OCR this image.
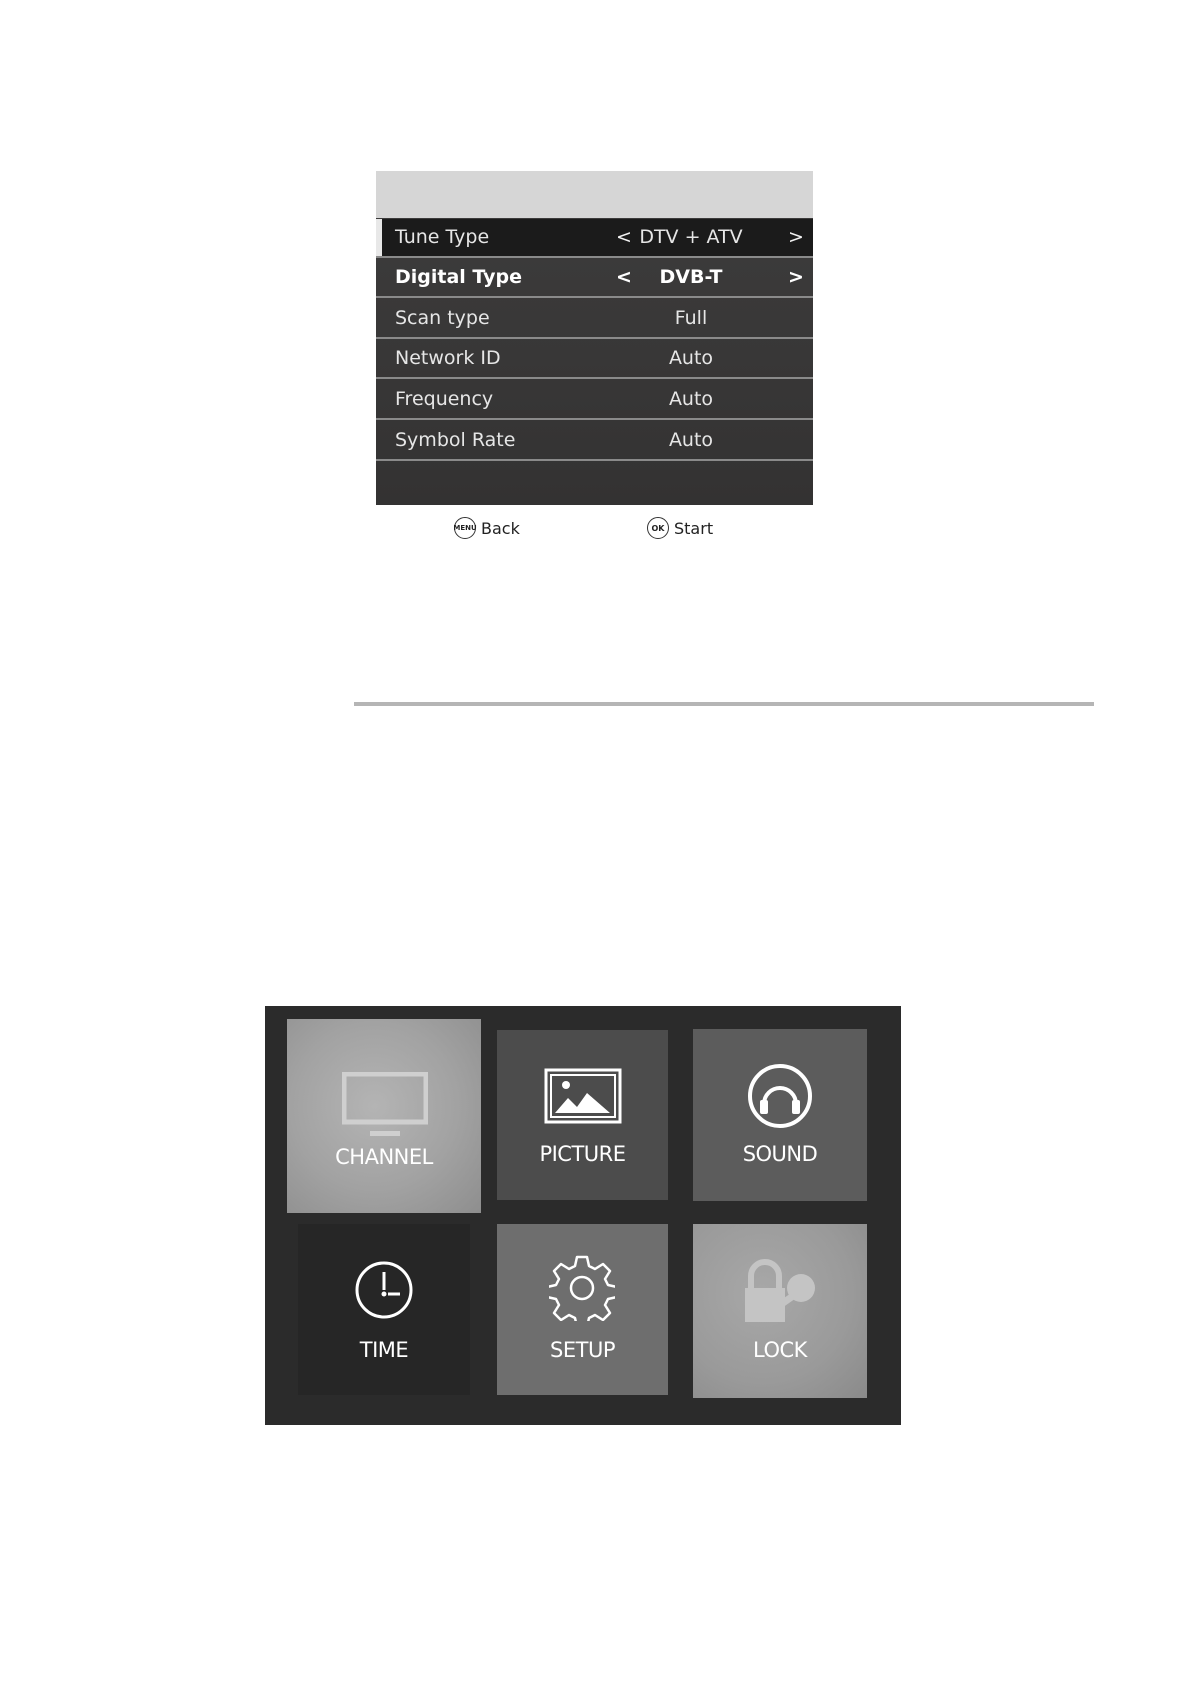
Tune Type	< DTV + ATV	>
Digital Type	<	DVB-T	>
Scan type	Full
Network ID	Auto
Frequency	Auto
Symbol Rate	Auto
MENU Back	OK Start
CHANNEL	PICTURE	SOUND
TIME	SETUP	LOCK
